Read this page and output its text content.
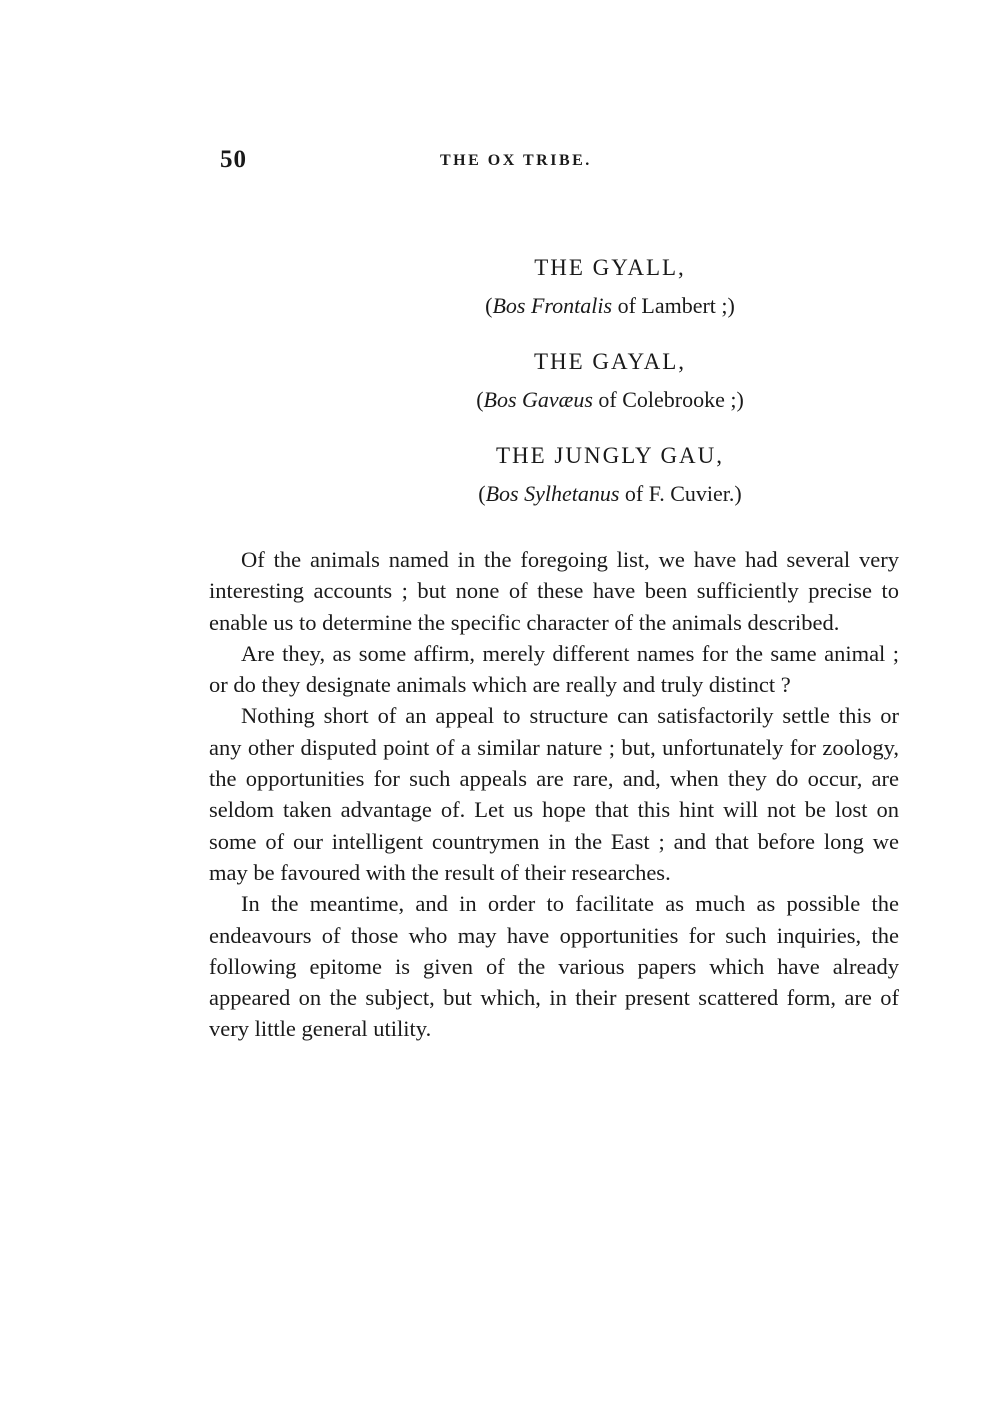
50	THE OX TRIBE.
THE GYALL,
(Bos Frontalis of Lambert ;)
THE GAYAL,
(Bos Gavæus of Colebrooke ;)
THE JUNGLY GAU,
(Bos Sylhetanus of F. Cuvier.)

Of the animals named in the foregoing list, we have had several very interesting accounts ; but none of these have been sufficiently precise to enable us to determine the specific character of the animals described.

Are they, as some affirm, merely different names for the same animal ; or do they designate animals which are really and truly distinct ?

Nothing short of an appeal to structure can satisfactorily settle this or any other disputed point of a similar nature ; but, unfortunately for zoology, the opportunities for such appeals are rare, and, when they do occur, are seldom taken advantage of. Let us hope that this hint will not be lost on some of our intelligent countrymen in the East ; and that before long we may be favoured with the result of their researches.

In the meantime, and in order to facilitate as much as possible the endeavours of those who may have opportunities for such inquiries, the following epitome is given of the various papers which have already appeared on the subject, but which, in their present scattered form, are of very little general utility.
